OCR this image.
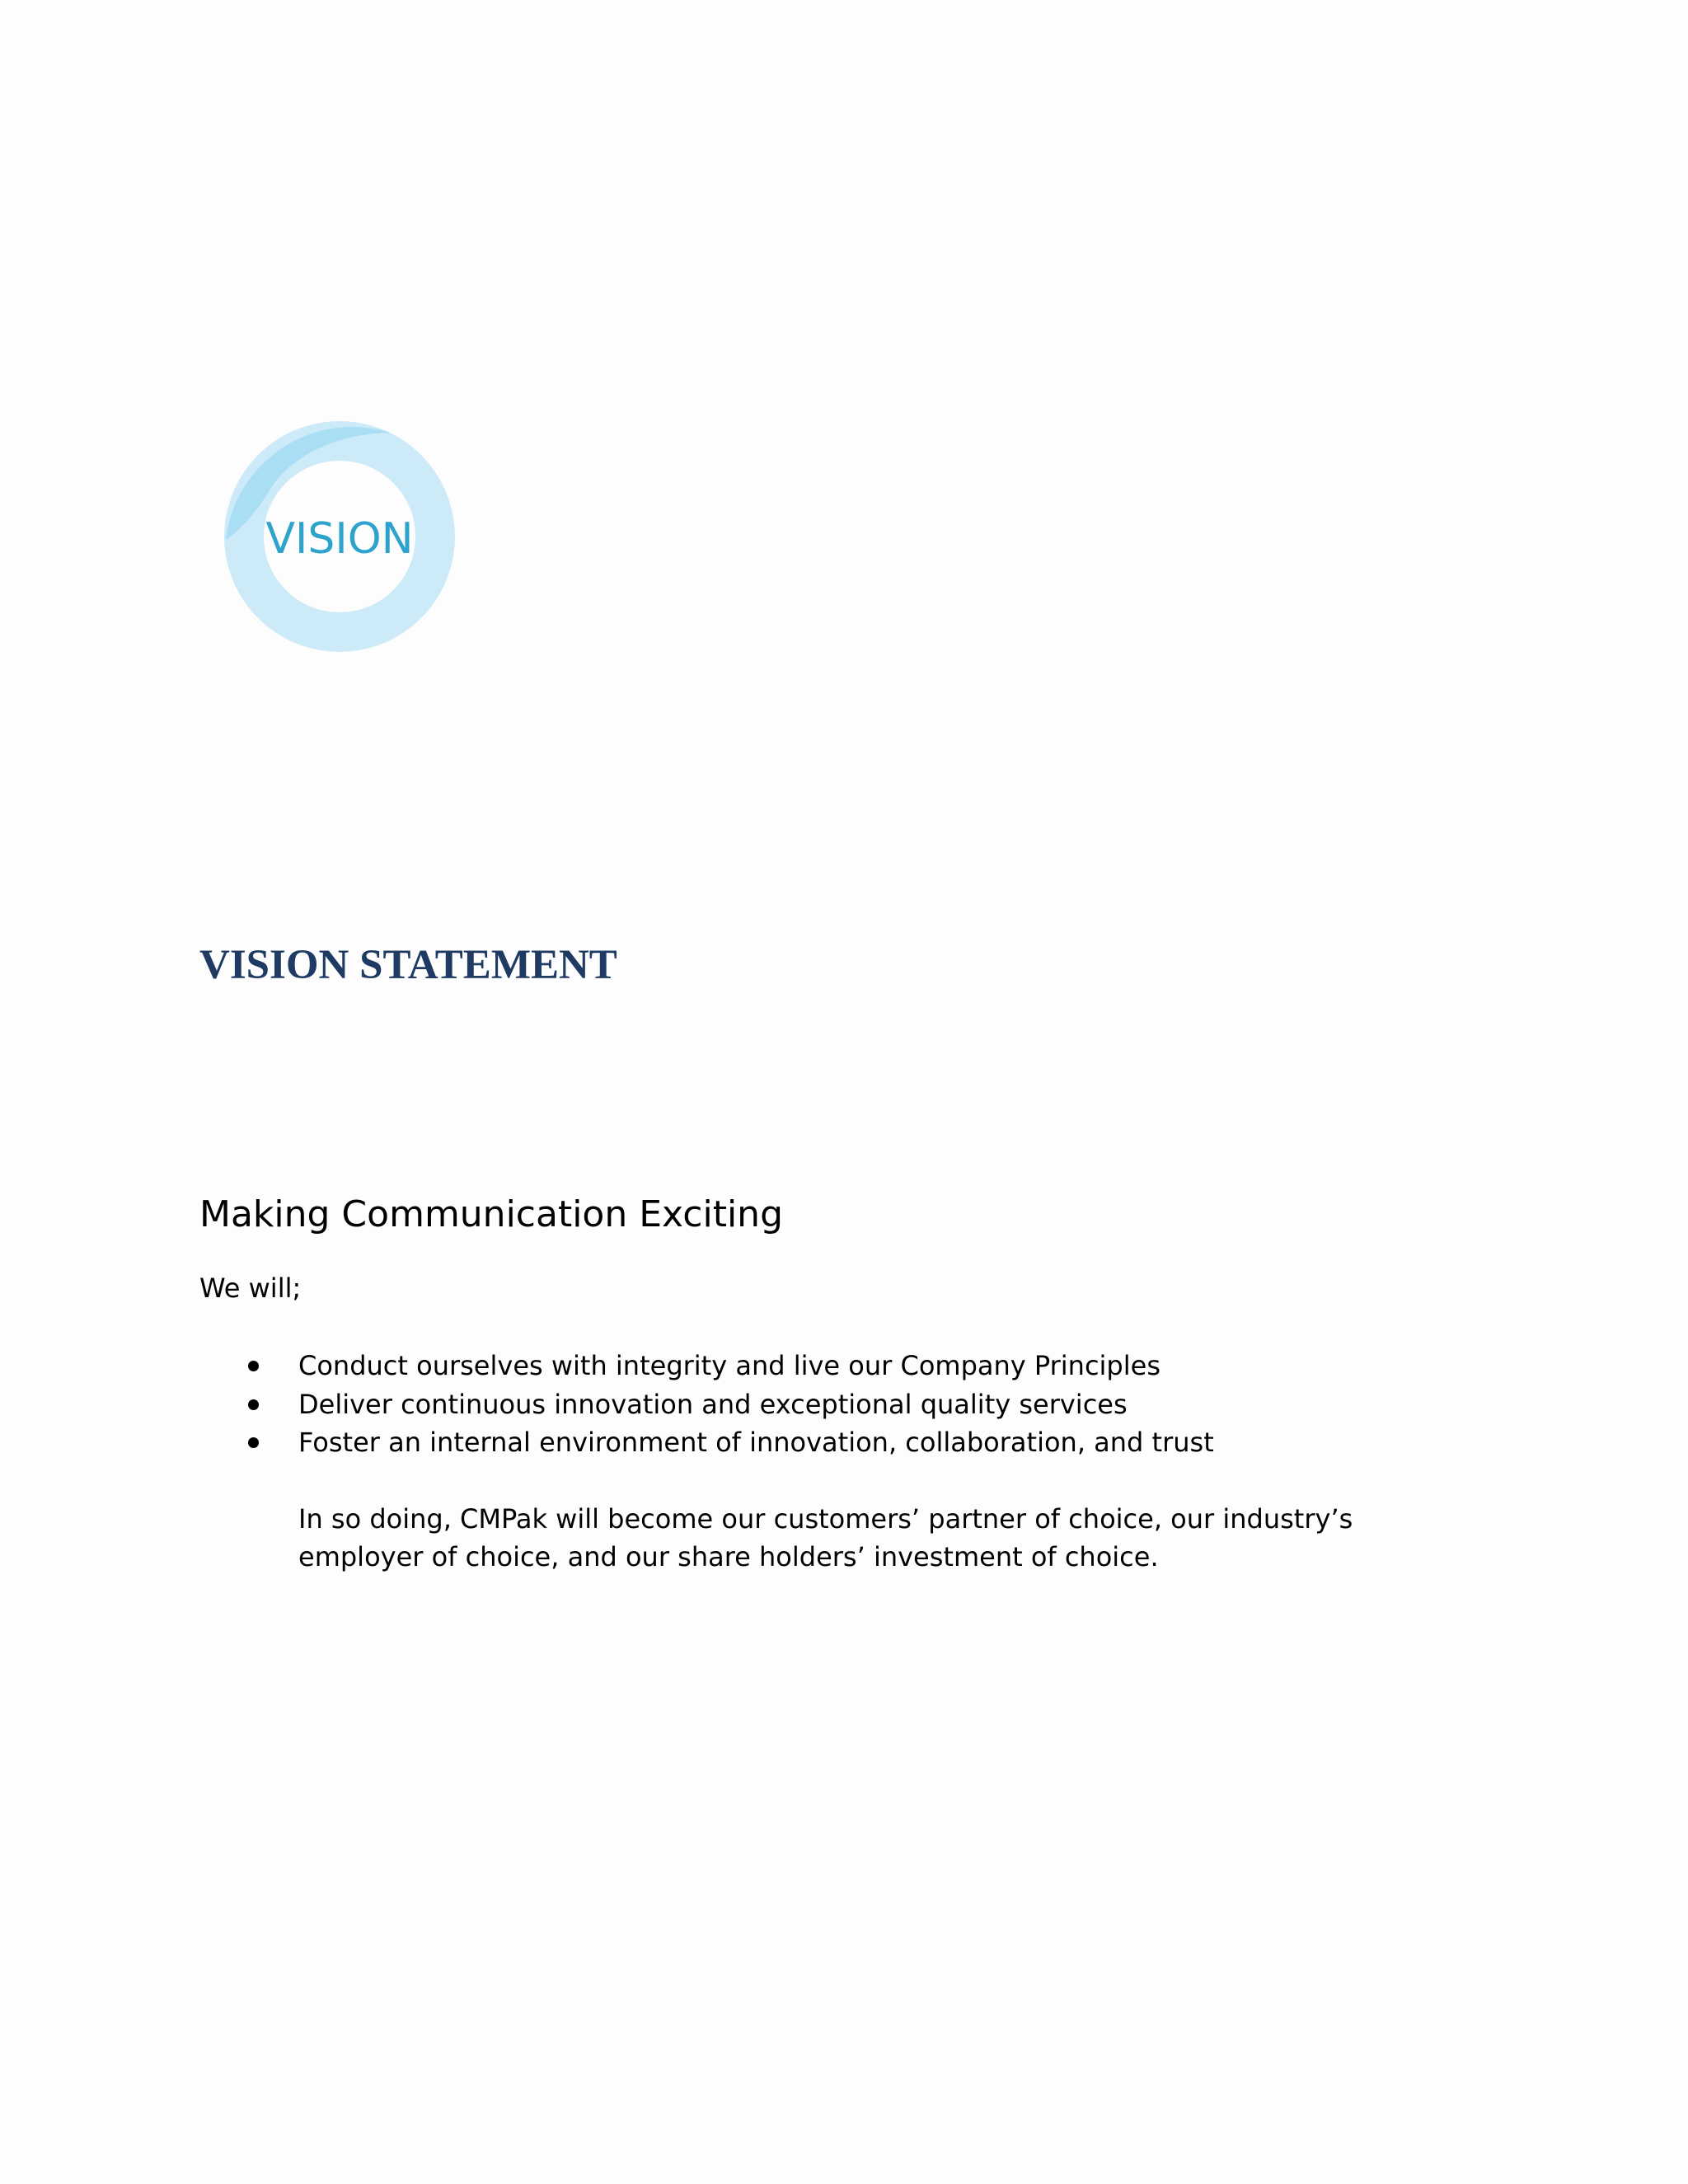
VISION
VISION STATEMENT
Making Communication Exciting

We will;

Conduct ourselves with integrity and live our Company Principles
Deliver continuous innovation and exceptional quality services
Foster an internal environment of innovation, collaboration, and trust

In so doing, CMPak will become our customers’ partner of choice, our industry’s employer of choice, and our share holders’ investment of choice.
